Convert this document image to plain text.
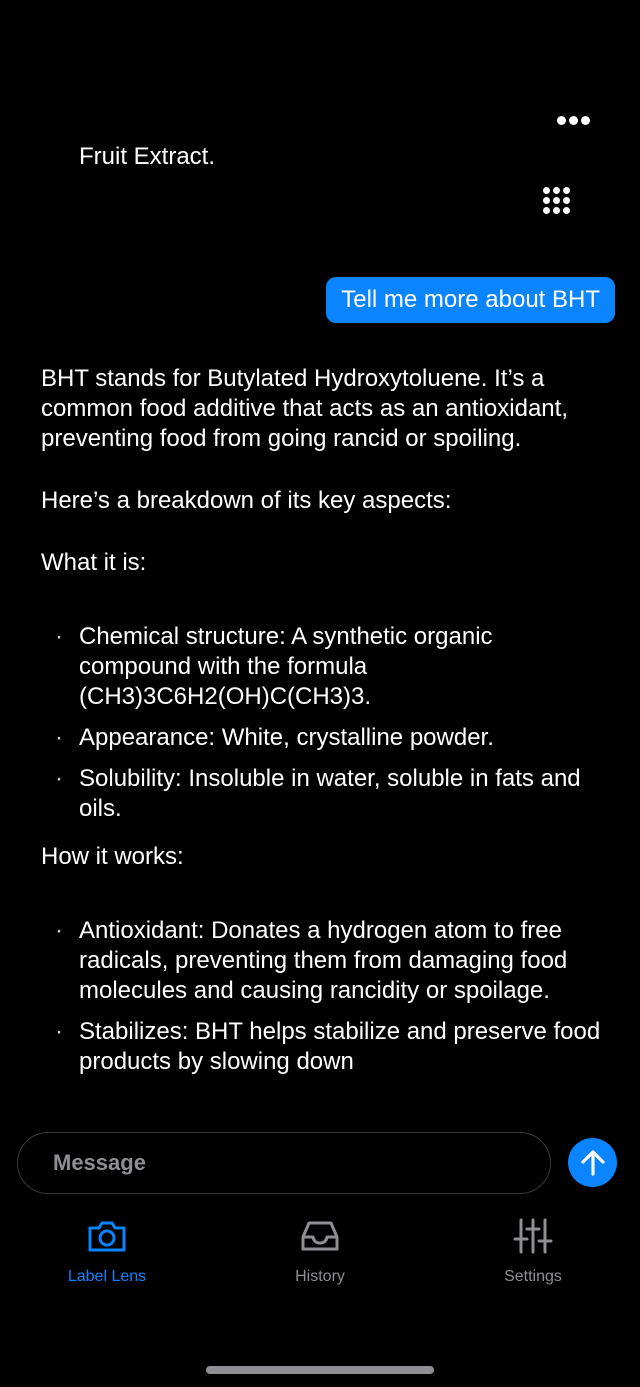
Fruit Extract.
Tell me more about BHT

BHT stands for Butylated Hydroxytoluene. It’s a common food additive that acts as an antioxidant, preventing food from going rancid or spoiling.

Here’s a breakdown of its key aspects:

What it is:

· Chemical structure: A synthetic organic compound with the formula (CH3)3C6H2(OH)C(CH3)3.
· Appearance: White, crystalline powder.
· Solubility: Insoluble in water, soluble in fats and oils.

How it works:

· Antioxidant: Donates a hydrogen atom to free radicals, preventing them from damaging food molecules and causing rancidity or spoilage.
· Stabilizes: BHT helps stabilize and preserve food products by slowing down
Message
Label Lens	History	Settings
